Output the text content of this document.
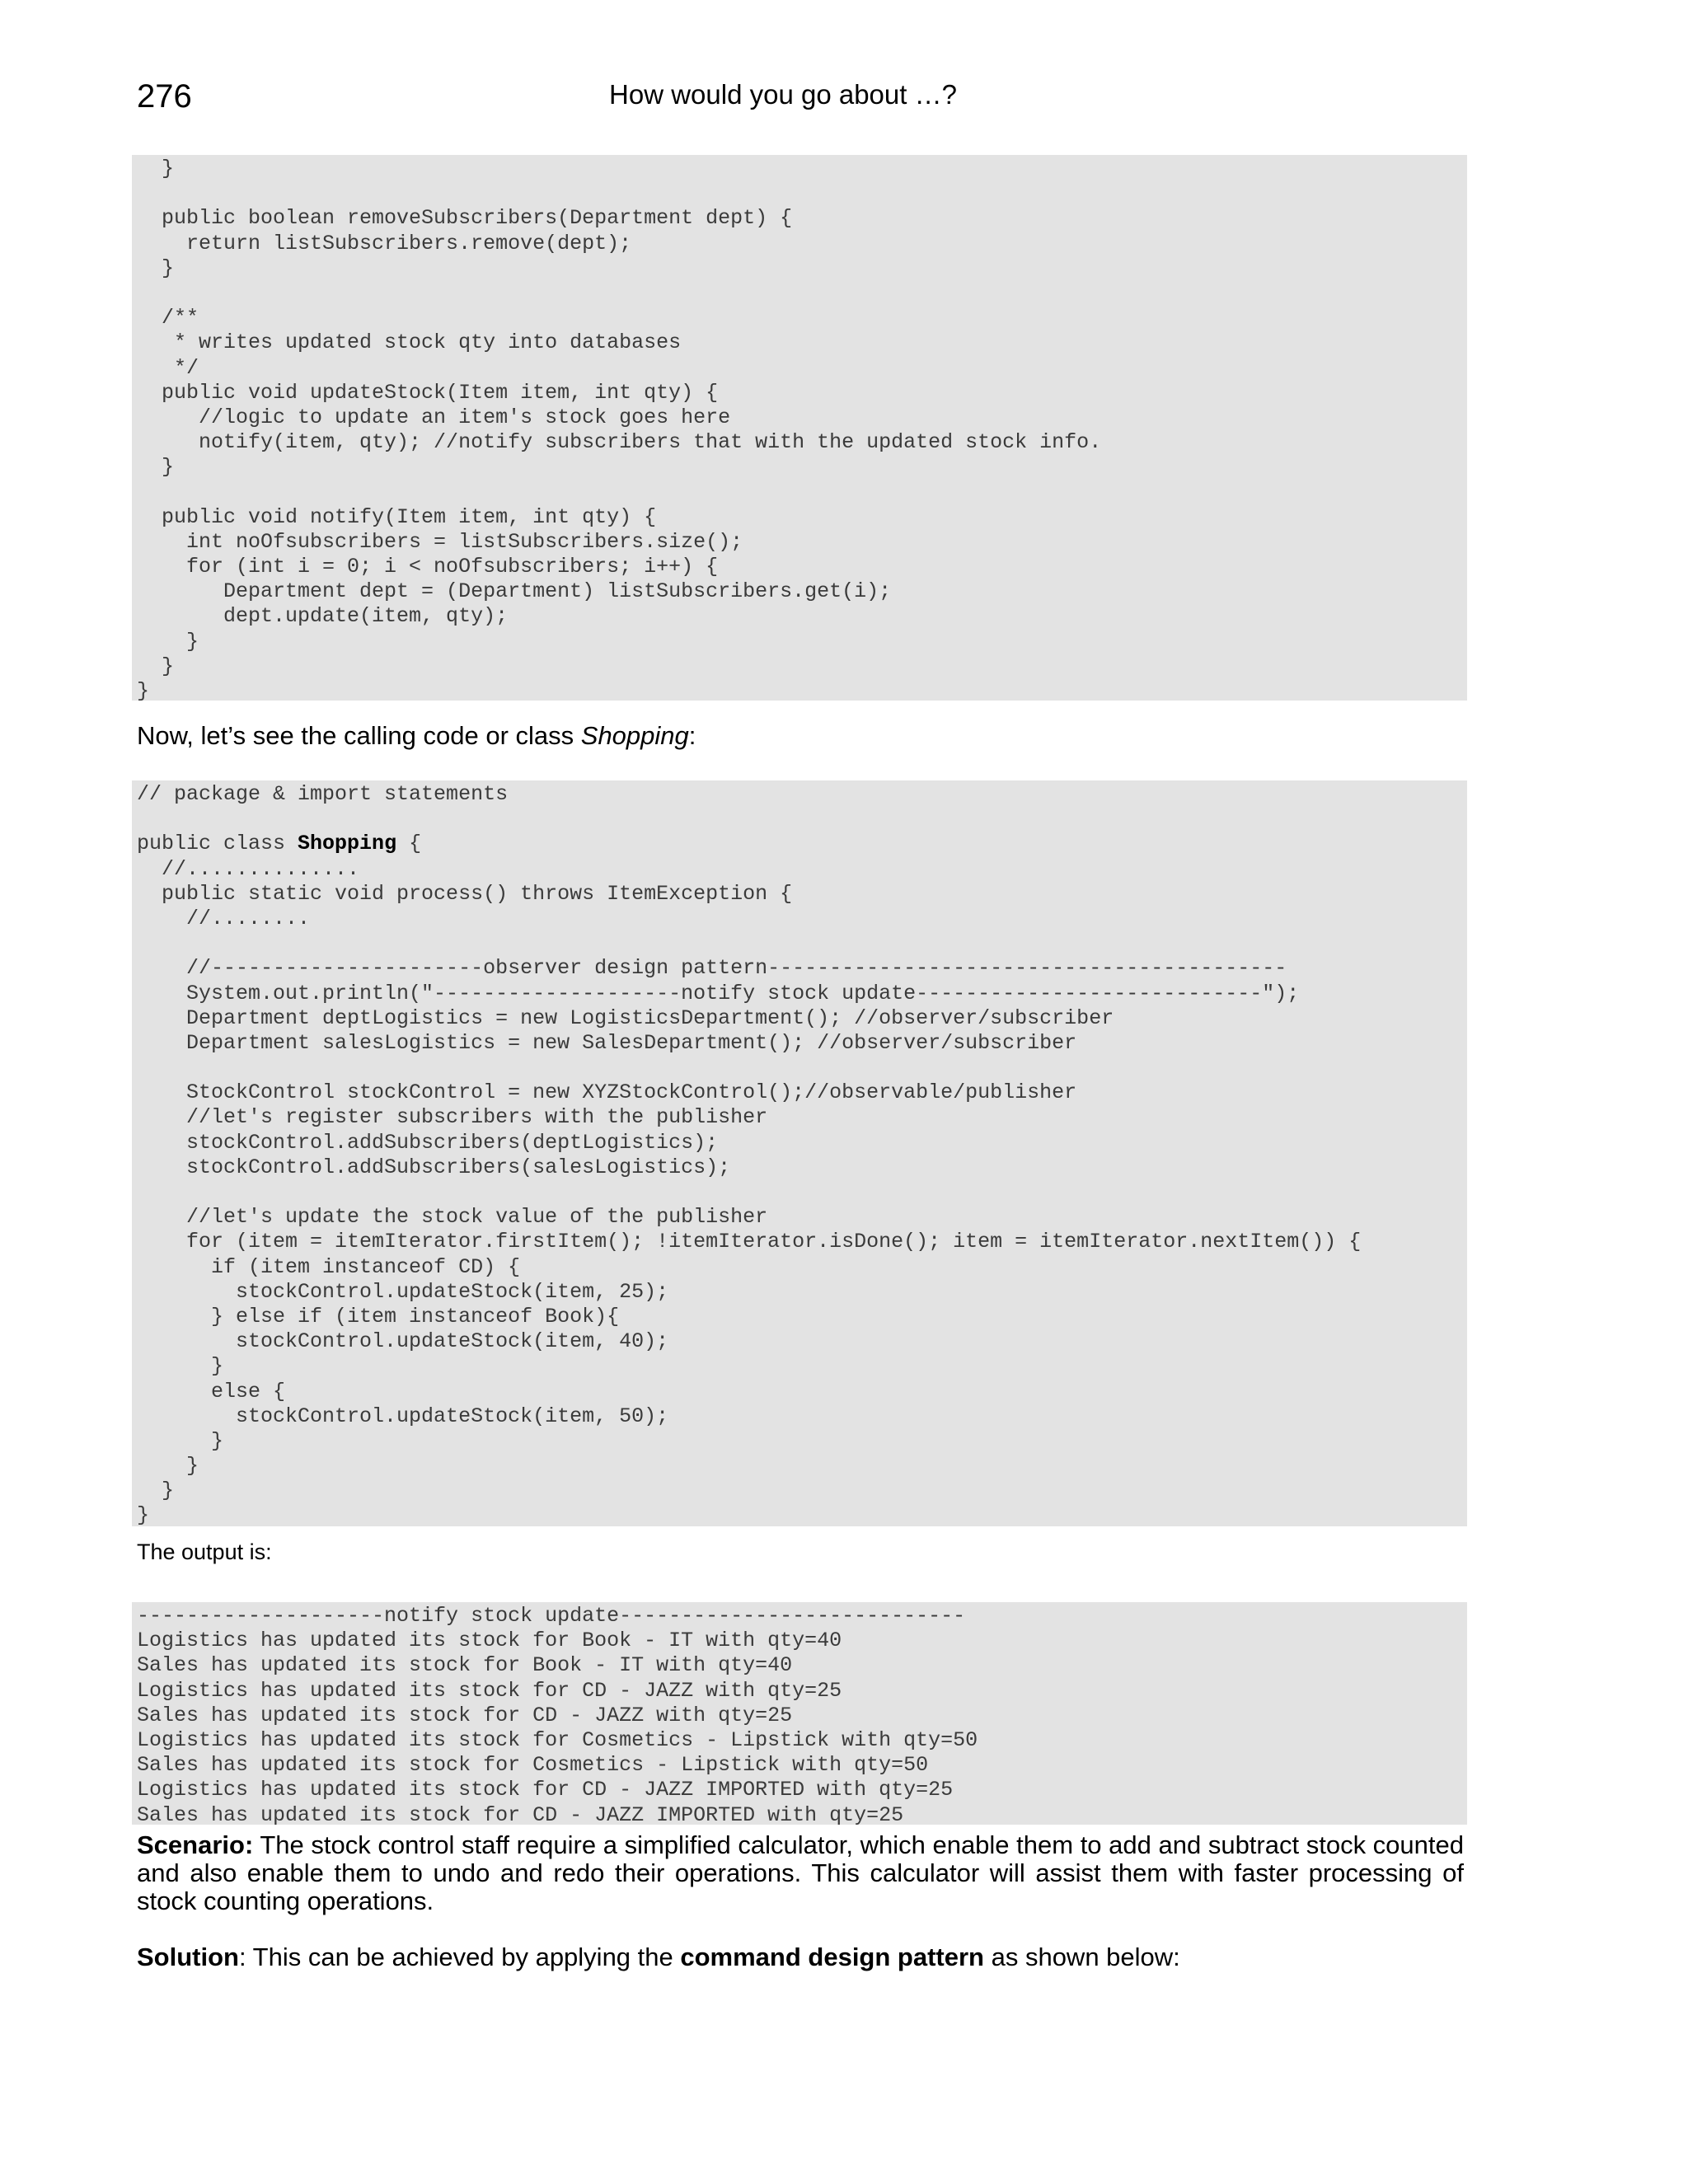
276	How would you go about …?
}
public boolean removeSubscribers(Department dept) {
return listSubscribers.remove(dept);
}
/**
* writes updated stock qty into databases
*/
public void updateStock(Item item, int qty) {
//logic to update an item's stock goes here
notify(item, qty); //notify subscribers that with the updated stock info.
}
public void notify(Item item, int qty) {
int noOfsubscribers = listSubscribers.size();
for (int i = 0; i < noOfsubscribers; i++) {
Department dept = (Department) listSubscribers.get(i);
dept.update(item, qty);
}
}
}
Now, let’s see the calling code or class Shopping:
// package & import statements
public class Shopping {
//..............
public static void process() throws ItemException {
//........
//----------------------observer design pattern------------------------------------------
System.out.println("--------------------notify stock update----------------------------");
Department deptLogistics = new LogisticsDepartment(); //observer/subscriber
Department salesLogistics = new SalesDepartment(); //observer/subscriber
StockControl stockControl = new XYZStockControl();//observable/publisher
//let's register subscribers with the publisher
stockControl.addSubscribers(deptLogistics);
stockControl.addSubscribers(salesLogistics);
//let's update the stock value of the publisher
for (item = itemIterator.firstItem(); !itemIterator.isDone(); item = itemIterator.nextItem()) {
if (item instanceof CD) {
stockControl.updateStock(item, 25);
} else if (item instanceof Book){
stockControl.updateStock(item, 40);
}
else {
stockControl.updateStock(item, 50);
}
}
}
}
The output is:
--------------------notify stock update----------------------------
Logistics has updated its stock for Book - IT with qty=40
Sales has updated its stock for Book - IT with qty=40
Logistics has updated its stock for CD - JAZZ with qty=25
Sales has updated its stock for CD - JAZZ with qty=25
Logistics has updated its stock for Cosmetics - Lipstick with qty=50
Sales has updated its stock for Cosmetics - Lipstick with qty=50
Logistics has updated its stock for CD - JAZZ IMPORTED with qty=25
Sales has updated its stock for CD - JAZZ IMPORTED with qty=25
Scenario: The stock control staff require a simplified calculator, which enable them to add and subtract stock counted and also enable them to undo and redo their operations. This calculator will assist them with faster processing of stock counting operations.
Solution: This can be achieved by applying the command design pattern as shown below:
